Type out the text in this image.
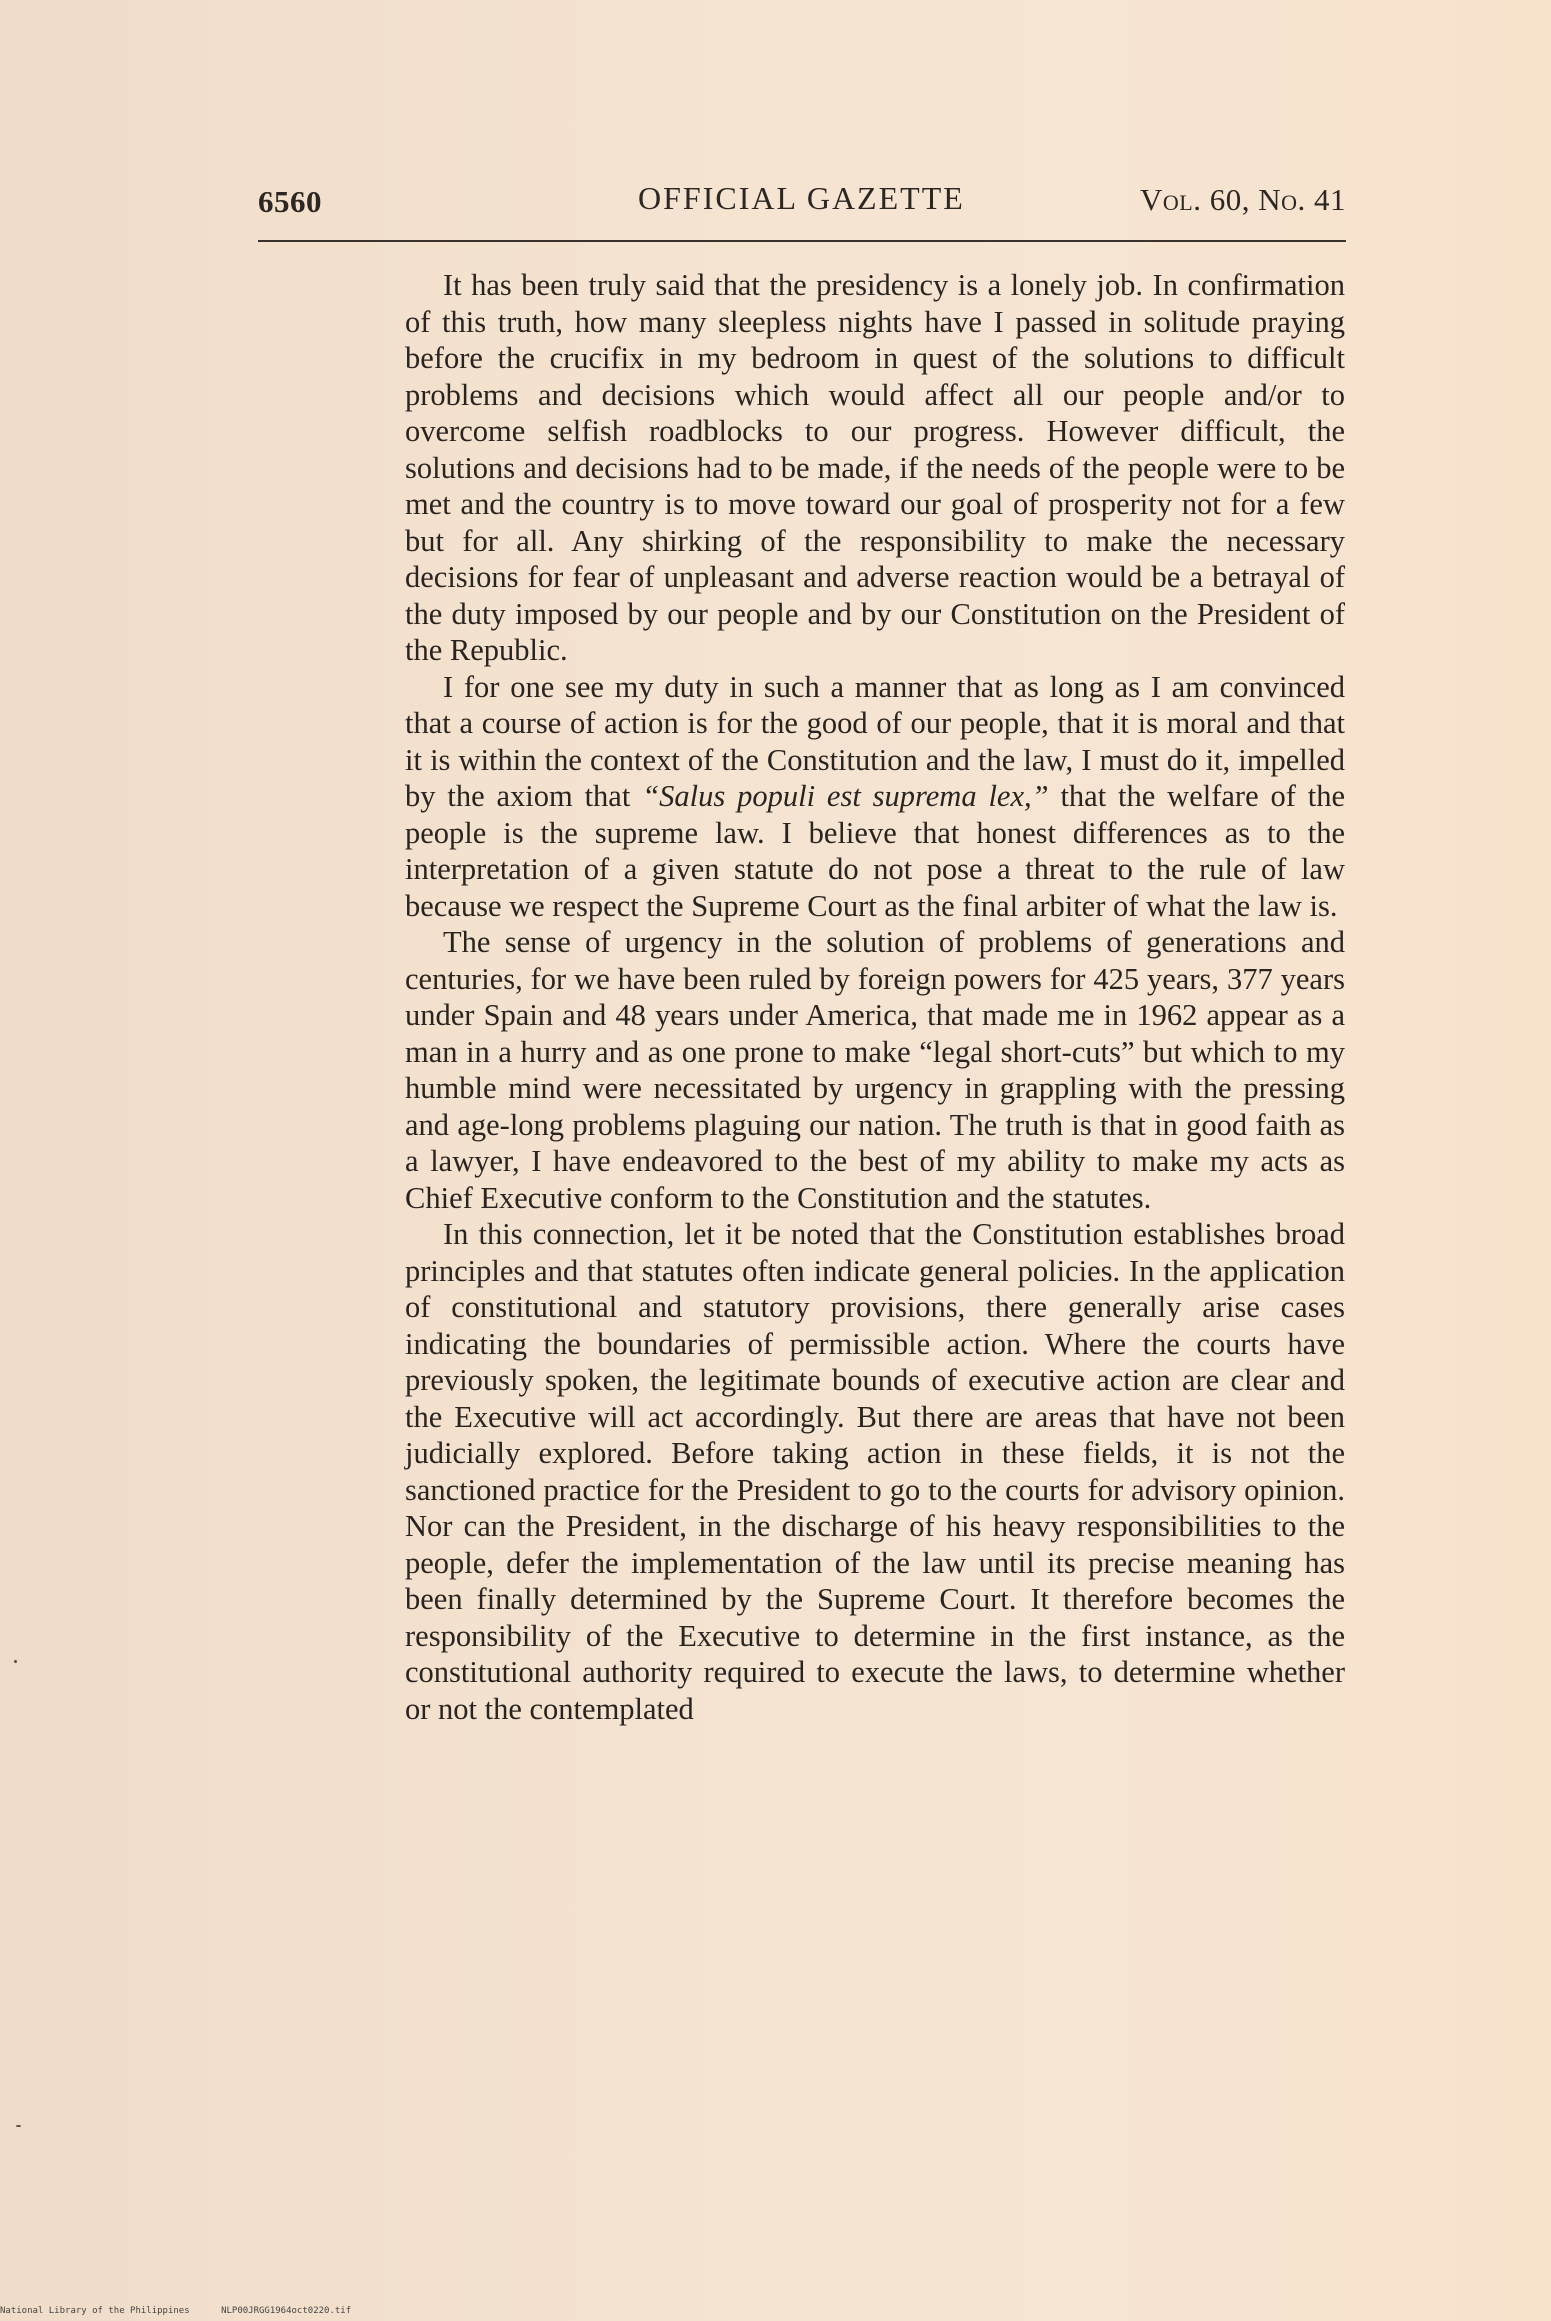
6560	OFFICIAL GAZETTE	Vol. 60, No. 41

It has been truly said that the presidency is a lonely job. In confirmation of this truth, how many sleepless nights have I passed in solitude praying before the crucifix in my bedroom in quest of the solutions to difficult problems and decisions which would affect all our people and/or to overcome selfish roadblocks to our progress. However difficult, the solutions and decisions had to be made, if the needs of the people were to be met and the country is to move toward our goal of prosperity not for a few but for all. Any shirking of the responsibility to make the necessary decisions for fear of unpleasant and adverse reaction would be a betrayal of the duty imposed by our people and by our Constitution on the President of the Republic.

I for one see my duty in such a manner that as long as I am convinced that a course of action is for the good of our people, that it is moral and that it is within the context of the Constitution and the law, I must do it, impelled by the axiom that “Salus populi est suprema lex,” that the welfare of the people is the supreme law. I believe that honest differences as to the interpretation of a given statute do not pose a threat to the rule of law because we respect the Supreme Court as the final arbiter of what the law is.

The sense of urgency in the solution of problems of generations and centuries, for we have been ruled by foreign powers for 425 years, 377 years under Spain and 48 years under America, that made me in 1962 appear as a man in a hurry and as one prone to make “legal short-cuts” but which to my humble mind were necessitated by urgency in grappling with the pressing and age-long problems plaguing our nation. The truth is that in good faith as a lawyer, I have endeavored to the best of my ability to make my acts as Chief Executive conform to the Constitution and the statutes.

In this connection, let it be noted that the Constitution establishes broad principles and that statutes often indicate general policies. In the application of constitutional and statutory provisions, there generally arise cases indicating the boundaries of permissible action. Where the courts have previously spoken, the legitimate bounds of executive action are clear and the Executive will act accordingly. But there are areas that have not been judicially explored. Before taking action in these fields, it is not the sanctioned practice for the President to go to the courts for advisory opinion. Nor can the President, in the discharge of his heavy responsibilities to the people, defer the implementation of the law until its precise meaning has been finally determined by the Supreme Court. It therefore becomes the responsibility of the Executive to determine in the first instance, as the constitutional authority required to execute the laws, to determine whether or not the contemplated

National Library of the Philippines	NLP00JRGG1964oct0220.tif
